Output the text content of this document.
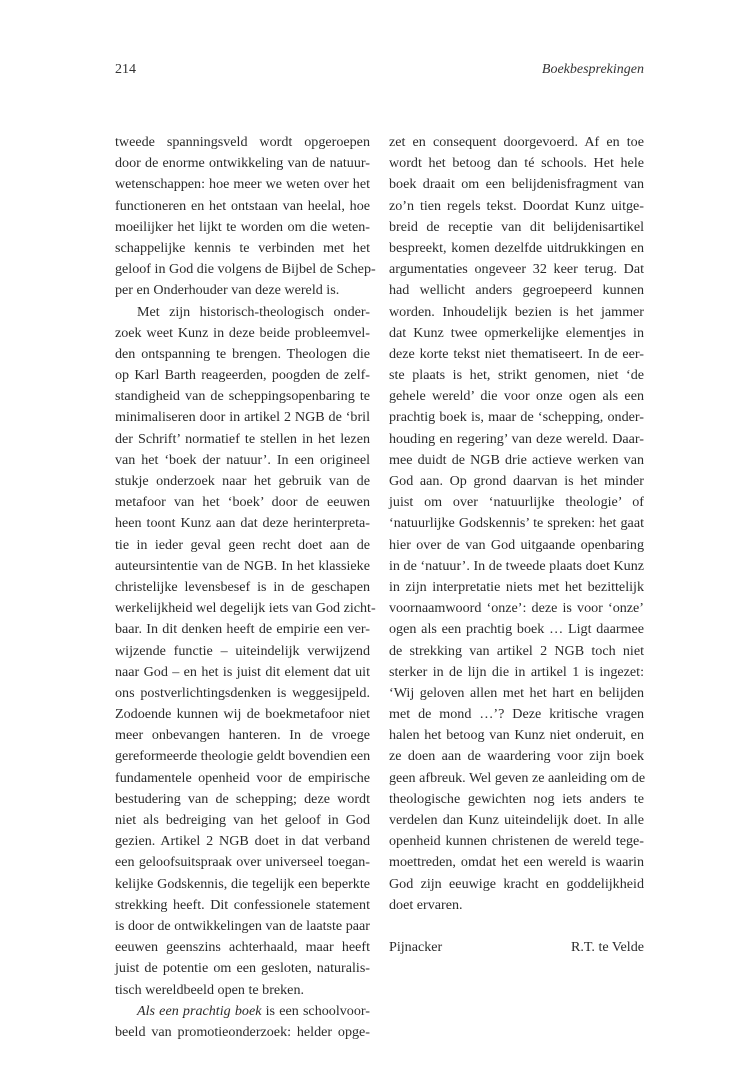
214	Boekbesprekingen
tweede spanningsveld wordt opgeroepen
door de enorme ontwikkeling van de natuur-
wetenschappen: hoe meer we weten over het
functioneren en het ontstaan van heelal, hoe
moeilijker het lijkt te worden om die weten-
schappelijke kennis te verbinden met het
geloof in God die volgens de Bijbel de Schep-
per en Onderhouder van deze wereld is.
Met zijn historisch-theologisch onder-
zoek weet Kunz in deze beide probleemvel-
den ontspanning te brengen. Theologen die
op Karl Barth reageerden, poogden de zelf-
standigheid van de scheppingsopenbaring te
minimaliseren door in artikel 2 NGB de ‘bril
der Schrift’ normatief te stellen in het lezen
van het ‘boek der natuur’. In een origineel
stukje onderzoek naar het gebruik van de
metafoor van het ‘boek’ door de eeuwen
heen toont Kunz aan dat deze herinterpreta-
tie in ieder geval geen recht doet aan de
auteursintentie van de NGB. In het klassieke
christelijke levensbesef is in de geschapen
werkelijkheid wel degelijk iets van God zicht-
baar. In dit denken heeft de empirie een ver-
wijzende functie – uiteindelijk verwijzend
naar God – en het is juist dit element dat uit
ons postverlichtingsdenken is weggesijpeld.
Zodoende kunnen wij de boekmetafoor niet
meer onbevangen hanteren. In de vroege
gereformeerde theologie geldt bovendien een
fundamentele openheid voor de empirische
bestudering van de schepping; deze wordt
niet als bedreiging van het geloof in God
gezien. Artikel 2 NGB doet in dat verband
een geloofsuitspraak over universeel toegan-
kelijke Godskennis, die tegelijk een beperkte
strekking heeft. Dit confessionele statement
is door de ontwikkelingen van de laatste paar
eeuwen geenszins achterhaald, maar heeft
juist de potentie om een gesloten, naturalis-
tisch wereldbeeld open te breken.
Als een prachtig boek is een schoolvoor-
beeld van promotieonderzoek: helder opge-
zet en consequent doorgevoerd. Af en toe
wordt het betoog dan té schools. Het hele
boek draait om een belijdenisfragment van
zo’n tien regels tekst. Doordat Kunz uitge-
breid de receptie van dit belijdenisartikel
bespreekt, komen dezelfde uitdrukkingen en
argumentaties ongeveer 32 keer terug. Dat
had wellicht anders gegroepeerd kunnen
worden. Inhoudelijk bezien is het jammer
dat Kunz twee opmerkelijke elementjes in
deze korte tekst niet thematiseert. In de eer-
ste plaats is het, strikt genomen, niet ‘de
gehele wereld’ die voor onze ogen als een
prachtig boek is, maar de ‘schepping, onder-
houding en regering’ van deze wereld. Daar-
mee duidt de NGB drie actieve werken van
God aan. Op grond daarvan is het minder
juist om over ‘natuurlijke theologie’ of
‘natuurlijke Godskennis’ te spreken: het gaat
hier over de van God uitgaande openbaring
in de ‘natuur’. In de tweede plaats doet Kunz
in zijn interpretatie niets met het bezittelijk
voornaamwoord ‘onze’: deze is voor ‘onze’
ogen als een prachtig boek … Ligt daarmee
de strekking van artikel 2 NGB toch niet
sterker in de lijn die in artikel 1 is ingezet:
‘Wij geloven allen met het hart en belijden
met de mond …’? Deze kritische vragen
halen het betoog van Kunz niet onderuit, en
ze doen aan de waardering voor zijn boek
geen afbreuk. Wel geven ze aanleiding om de
theologische gewichten nog iets anders te
verdelen dan Kunz uiteindelijk doet. In alle
openheid kunnen christenen de wereld tege-
moettreden, omdat het een wereld is waarin
God zijn eeuwige kracht en goddelijkheid
doet ervaren.
Pijnacker	R.T. te Velde
